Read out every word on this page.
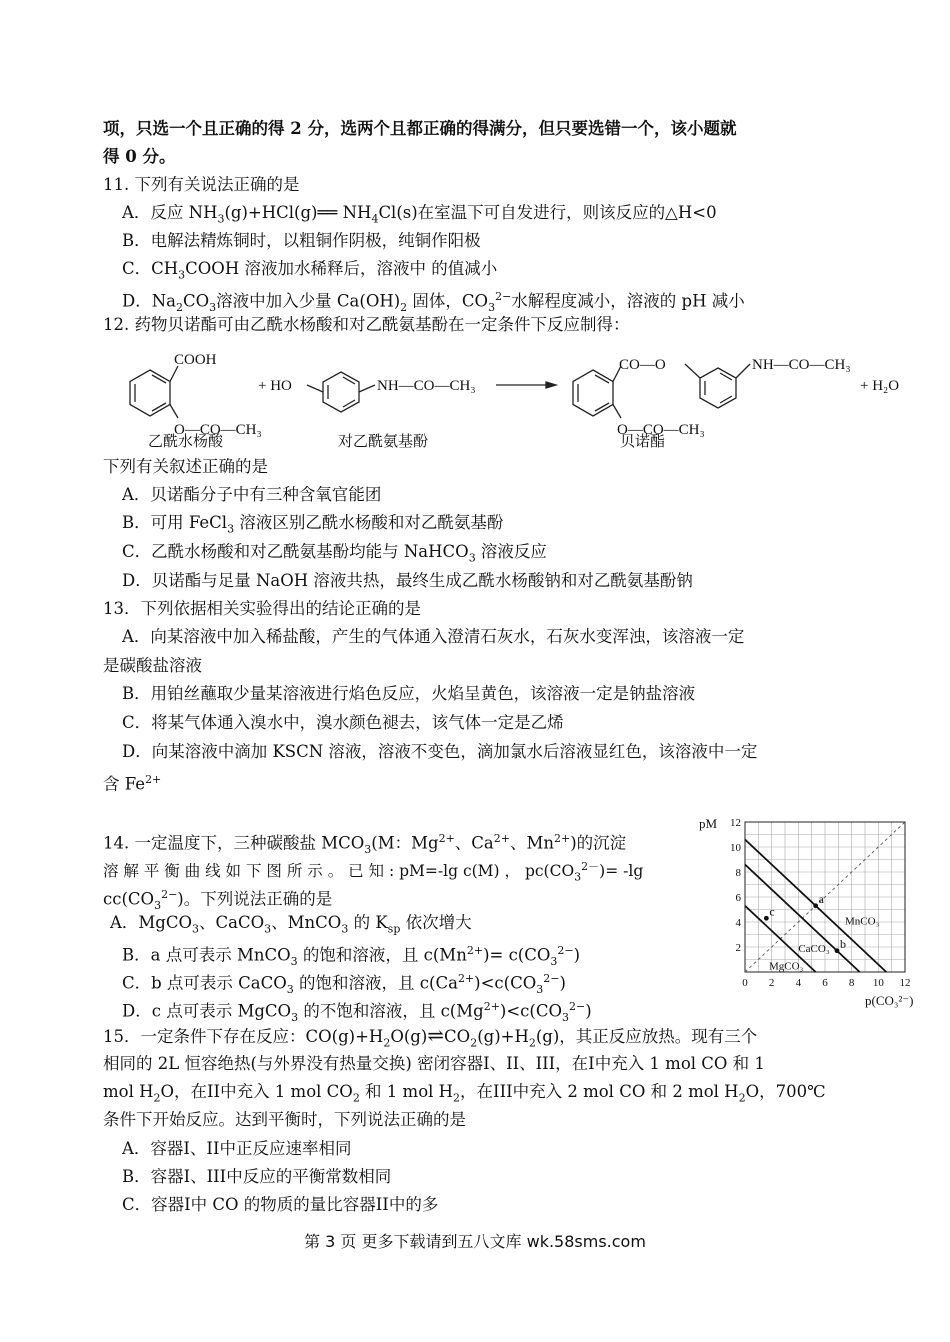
项，只选一个且正确的得 2 分，选两个且都正确的得满分，但只要选错一个，该小题就
得 0 分。
11. 下列有关说法正确的是
A．反应 $NH_3(g)+HCl(g)══$ $NH_4Cl(s)$在室温下可自发进行，则该反应的△H<0
B．电解法精炼铜时，以粗铜作阴极，纯铜作阳极
C．$CH_3COOH$ 溶液加水稀释后，溶液中 的值减小
D．$Na_2CO_3$溶液中加入少量 $Ca(OH)_2$ 固体，$CO_3^{2-}$水解程度减小，溶液的 pH 减小
12. 药物贝诺酯可由乙酰水杨酸和对乙酰氨基酚在一定条件下反应制得：
COOH
O—CO—CH₃
+ HO	NH—CO—CH₃
CO—O	NH—CO—CH₃
O—CO—CH₃
+ H₂O
乙酰水杨酸	对乙酰氨基酚	贝诺酯
下列有关叙述正确的是
A．贝诺酯分子中有三种含氧官能团
B．可用 FeCl$_3$ 溶液区别乙酰水杨酸和对乙酰氨基酚
C．乙酰水杨酸和对乙酰氨基酚均能与 NaHCO$_3$ 溶液反应
D．贝诺酯与足量 NaOH 溶液共热，最终生成乙酰水杨酸钠和对乙酰氨基酚钠
13．下列依据相关实验得出的结论正确的是
A．向某溶液中加入稀盐酸，产生的气体通入澄清石灰水，石灰水变浑浊，该溶液一定
是碳酸盐溶液
B．用铂丝蘸取少量某溶液进行焰色反应，火焰呈黄色，该溶液一定是钠盐溶液
C．将某气体通入溴水中，溴水颜色褪去，该气体一定是乙烯
D．向某溶液中滴加 KSCN 溶液，溶液不变色，滴加氯水后溶液显红色，该溶液中一定
含 $Fe^{2+}$
14. 一定温度下，三种碳酸盐 $MCO_3(M$：$Mg^{2+}$、$Ca^{2+}$、$Mn^{2+}$)的沉淀
溶 解 平 衡 曲 线 如 下 图 所 示 。 已 知 : pM=-lg c(M) ， $pc(CO_3^{2-})= -\lg$
$cc(CO_3^{2-})$。下列说法正确的是
A．MgCO$_3$、CaCO$_3$、MnCO$_3$ 的 $K_{sp}$ 依次增大
B．a 点可表示 MnCO$_3$ 的饱和溶液，且 $c(Mn^{2+})= c(CO_3^{2-})$
C．b 点可表示 CaCO$_3$ 的饱和溶液，且 $c(Ca^{2+})<c(CO_3^{2-})$
D．c 点可表示 MgCO$_3$ 的不饱和溶液，且 $c(Mg^{2+})<c(CO_3^{2-})$
MgCO₃
CaCO₃
MnCO₃
a
b
c
0 2 4 6 8 10 12
2
4
6
8
10
12
pM
p(CO₃²⁻)
15．一定条件下存在反应：$CO(g)+H_2O(g)\rightleftharpoons CO_2(g)+H_2(g)$，其正反应放热。现有三个
相同的 2L 恒容绝热(与外界没有热量交换) 密闭容器I、II、III，在I中充入 1 mol CO 和 1
mol $H_2O$，在II中充入 1 mol $CO_2$ 和 1 mol $H_2$，在III中充入 2 mol CO 和 2 mol $H_2O$，700℃
条件下开始反应。达到平衡时，下列说法正确的是
A．容器I、II中正反应速率相同
B．容器I、III中反应的平衡常数相同
C．容器I中 CO 的物质的量比容器II中的多
第 3 页 更多下载请到五八文库 wk.58sms.com
